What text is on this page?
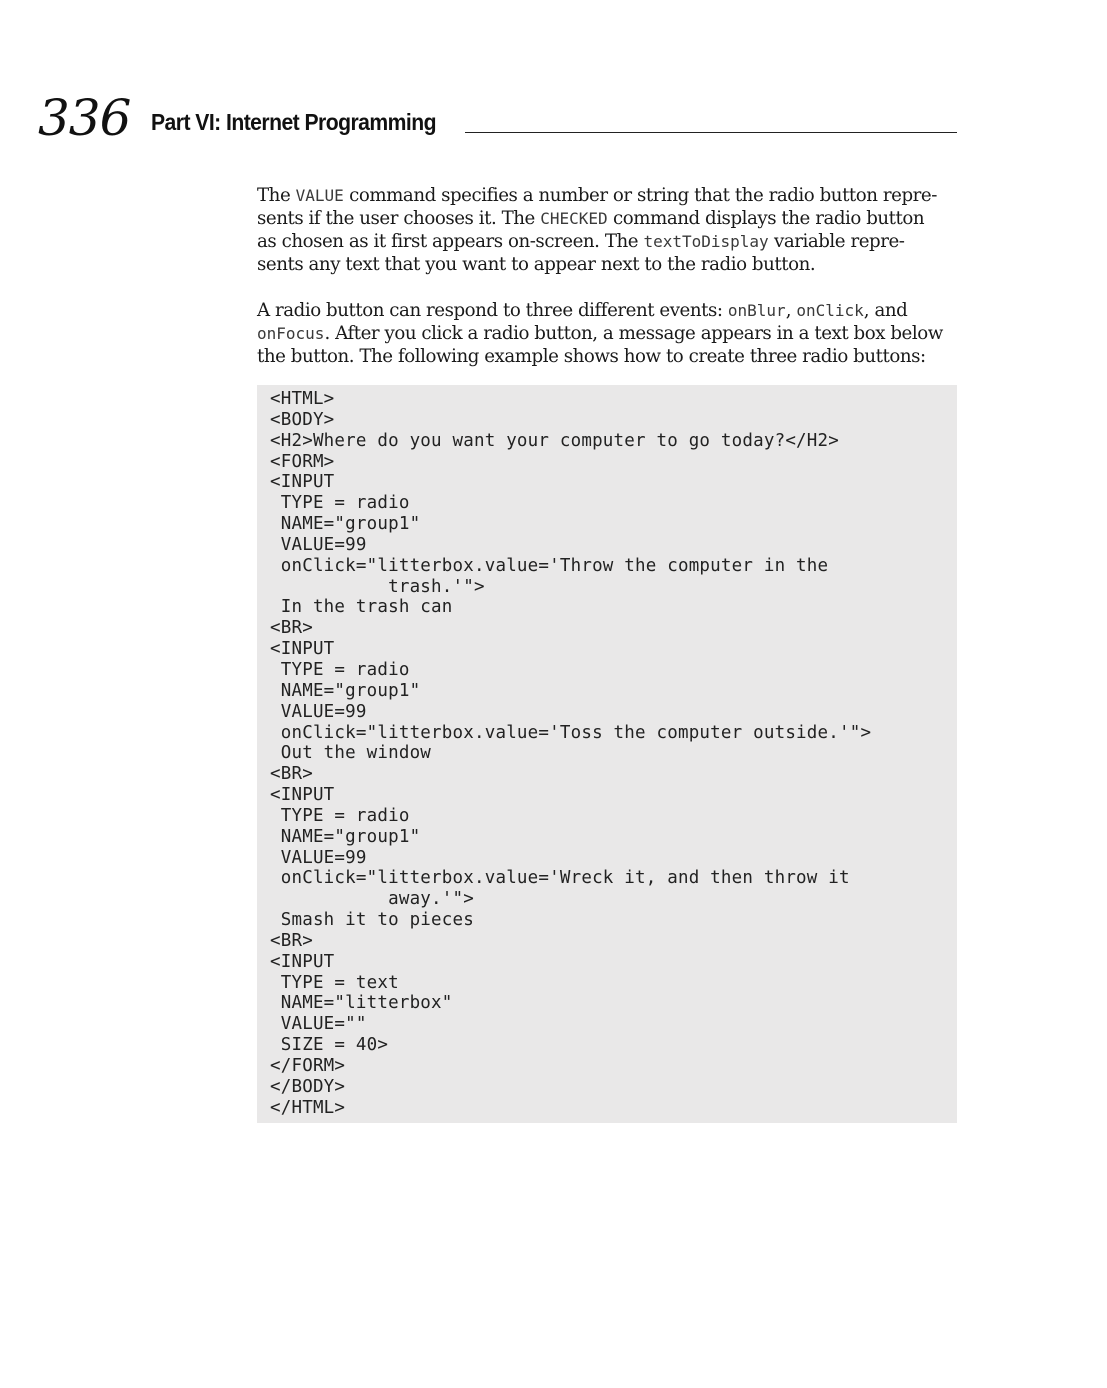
336 Part VI: Internet Programming

The VALUE command specifies a number or string that the radio button repre-
sents if the user chooses it. The CHECKED command displays the radio button
as chosen as it first appears on-screen. The textToDisplay variable repre-
sents any text that you want to appear next to the radio button.

A radio button can respond to three different events: onBlur, onClick, and
onFocus. After you click a radio button, a message appears in a text box below
the button. The following example shows how to create three radio buttons:

<HTML>
<BODY>
<H2>Where do you want your computer to go today?</H2>
<FORM>
<INPUT
TYPE = radio
NAME="group1"
VALUE=99
onClick="litterbox.value='Throw the computer in the
trash.'">
In the trash can
<BR>
<INPUT
TYPE = radio
NAME="group1"
VALUE=99
onClick="litterbox.value='Toss the computer outside.'">
Out the window
<BR>
<INPUT
TYPE = radio
NAME="group1"
VALUE=99
onClick="litterbox.value='Wreck it, and then throw it
away.'">
Smash it to pieces
<BR>
<INPUT
TYPE = text
NAME="litterbox"
VALUE=""
SIZE = 40>
</FORM>
</BODY>
</HTML>
